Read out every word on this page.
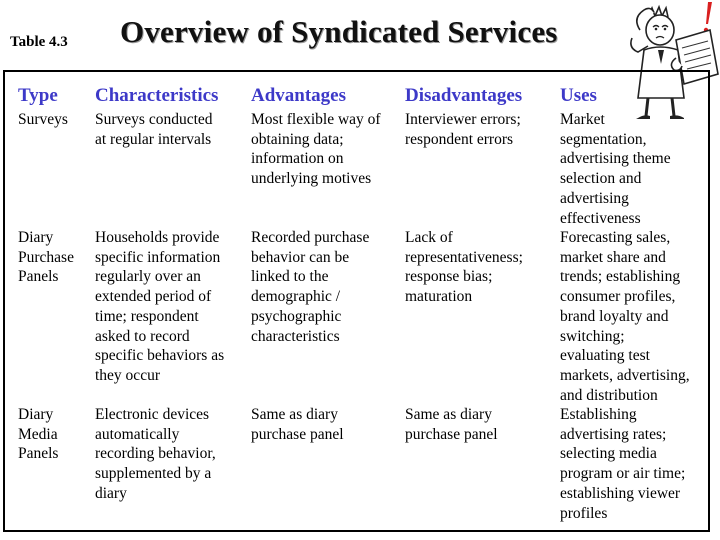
Table 4.3 Overview of Syndicated Services
Type Characteristics Advantages	Disadvantages Uses
Surveys Surveys conducted
at regular intervals
Most flexible way of
obtaining data;
information on
underlying motives
Interviewer errors;
respondent errors
Market
segmentation,
advertising theme
selection and
advertising
effectiveness
Diary
Purchase
Panels
Households provide
specific information
regularly over an
extended period of
time; respondent
asked to record
specific behaviors as
they occur
Recorded purchase
behavior can be
linked to the
demographic /
psychographic
characteristics
Lack of
representativeness;
response bias;
maturation
Forecasting sales,
market share and
trends; establishing
consumer profiles,
brand loyalty and
switching;
evaluating test
markets, advertising,
and distribution
Diary
Media
Panels
Electronic devices
automatically
recording behavior,
supplemented by a
diary
Same as diary
purchase panel
Same as diary
purchase panel
Establishing
advertising rates;
selecting media
program or air time;
establishing viewer
profiles
